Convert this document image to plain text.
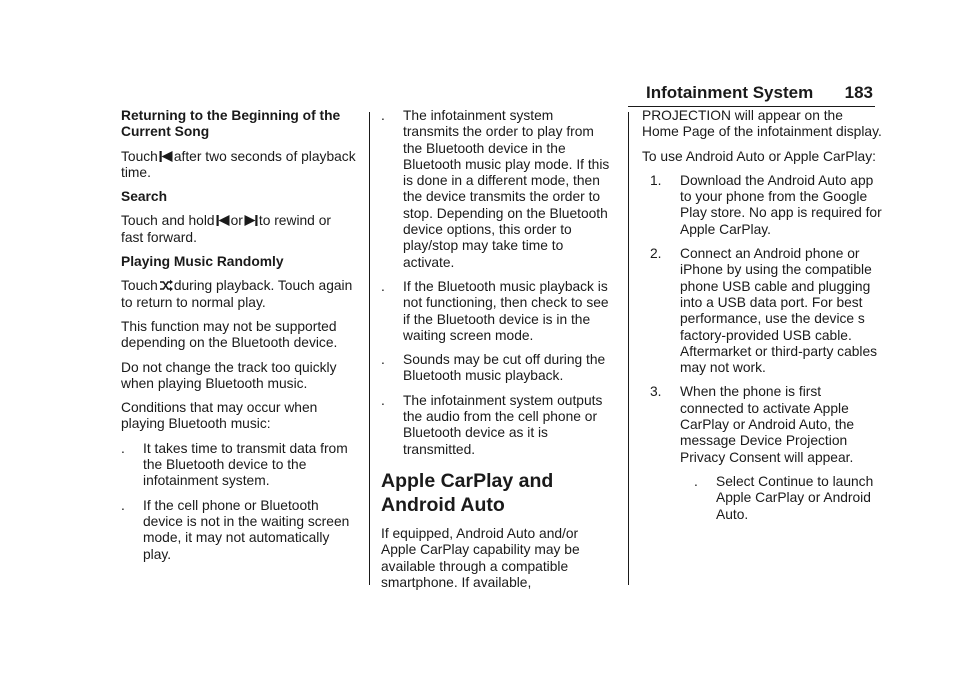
Infotainment System 183

Returning to the Beginning of the Current Song

Touch after two seconds of playback time.

Search

Touch and hold or to rewind or fast forward.

Playing Music Randomly

Touch during playback. Touch again to return to normal play.

This function may not be supported depending on the Bluetooth device.

Do not change the track too quickly when playing Bluetooth music.

Conditions that may occur when playing Bluetooth music:

. It takes time to transmit data from the Bluetooth device to the infotainment system.
. If the cell phone or Bluetooth device is not in the waiting screen mode, it may not automatically play.
. The infotainment system transmits the order to play from the Bluetooth device in the Bluetooth music play mode. If this is done in a different mode, then the device transmits the order to stop. Depending on the Bluetooth device options, this order to play/stop may take time to activate.
. If the Bluetooth music playback is not functioning, then check to see if the Bluetooth device is in the waiting screen mode.
. Sounds may be cut off during the Bluetooth music playback.
. The infotainment system outputs the audio from the cell phone or Bluetooth device as it is transmitted.
Apple CarPlay and Android Auto

If equipped, Android Auto and/or Apple CarPlay capability may be available through a compatible smartphone. If available,

PROJECTION will appear on the Home Page of the infotainment display.

To use Android Auto or Apple CarPlay:

1. Download the Android Auto app to your phone from the Google Play store. No app is required for Apple CarPlay.
2. Connect an Android phone or iPhone by using the compatible phone USB cable and plugging into a USB data port. For best performance, use the device s factory-provided USB cable. Aftermarket or third-party cables may not work.
3. When the phone is first connected to activate Apple CarPlay or Android Auto, the message Device Projection Privacy Consent will appear.
. Select Continue to launch Apple CarPlay or Android Auto.
